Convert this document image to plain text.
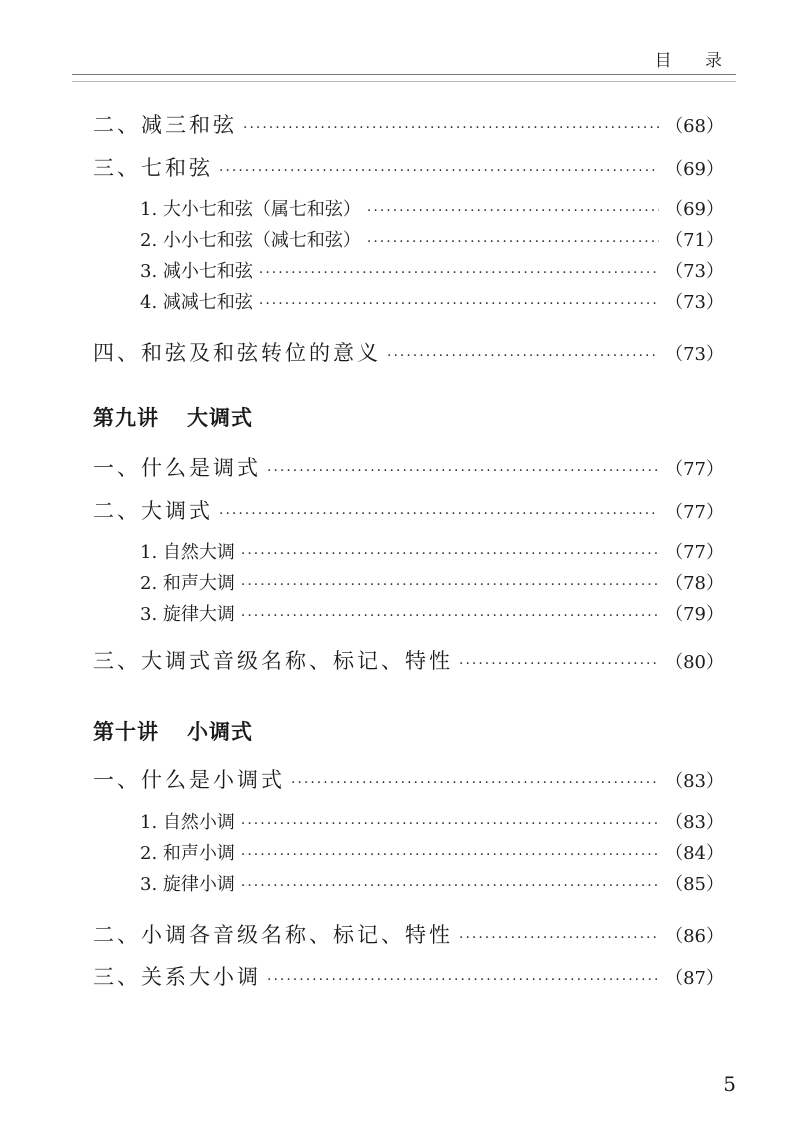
目 录
二、减三和弦 ·····	（68）
三、七和弦 ·····	（69）
1. 大小七和弦（属七和弦） ·····	（69）
2. 小小七和弦（减七和弦） ·····	（71）
3. 减小七和弦 ·····	（73）
4. 减减七和弦 ·····	（73）
四、和弦及和弦转位的意义 ·····	（73）
第九讲 大调式
一、什么是调式 ·····	（77）
二、大调式 ·····	（77）
1. 自然大调 ·····	（77）
2. 和声大调 ·····	（78）
3. 旋律大调 ·····	（79）
三、大调式音级名称、标记、特性 ·····	（80）
第十讲 小调式
一、什么是小调式 ·····	（83）
1. 自然小调 ·····	（83）
2. 和声小调 ·····	（84）
3. 旋律小调 ·····	（85）
二、小调各音级名称、标记、特性 ·····	（86）
三、关系大小调 ·····	（87）
5
